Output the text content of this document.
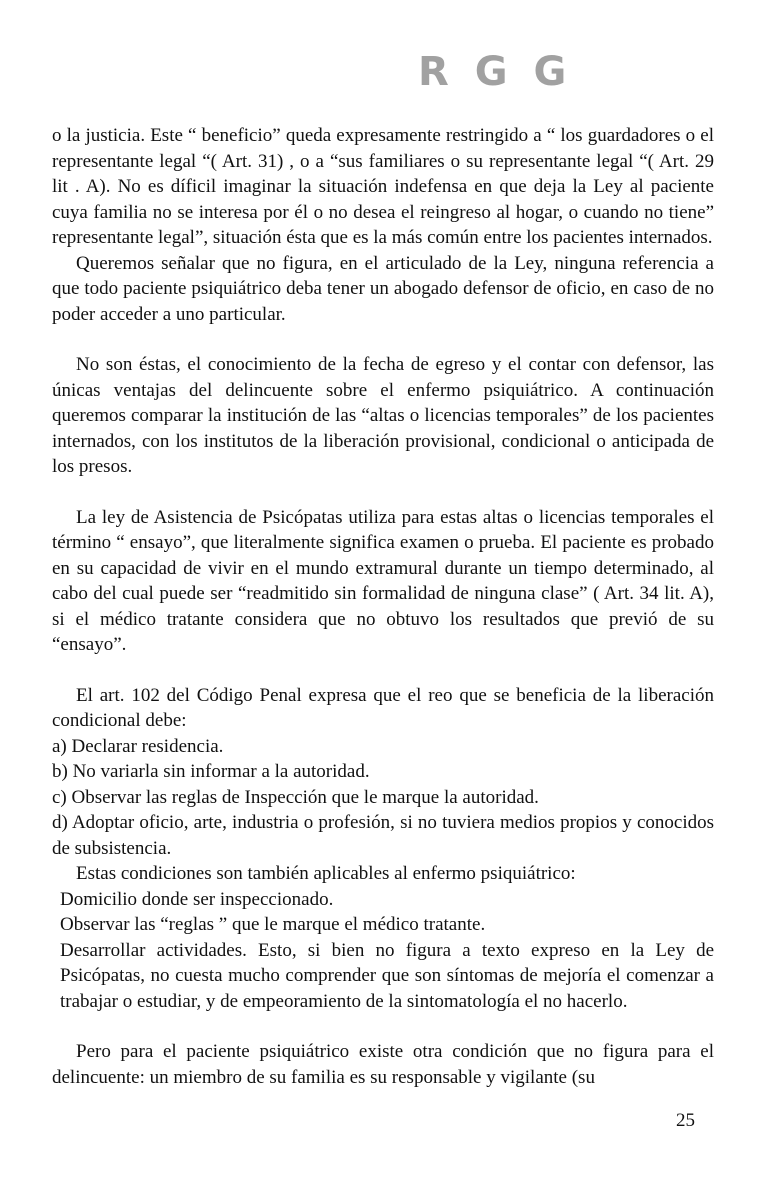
R G G

o la justicia. Este “ beneficio” queda expresamente restringido a “ los guardadores o el representante legal “( Art. 31) , o a “sus familiares o su representante legal “( Art. 29 lit . A). No es díficil imaginar la situación indefensa en que deja la Ley al paciente cuya familia no se interesa por él o no desea el reingreso al hogar, o cuando no tiene” representante legal”, situación ésta que es la más común entre los pacientes internados.

Queremos señalar que no figura, en el articulado de la Ley, ninguna referencia a que todo paciente psiquiátrico deba tener un abogado defensor de oficio, en caso de no poder acceder a uno particular.

No son éstas, el conocimiento de la fecha de egreso y el contar con defensor, las únicas ventajas del delincuente sobre el enfermo psiquiátrico. A continuación queremos comparar la institución de las “altas o licencias temporales” de los pacientes internados, con los institutos de la liberación provisional, condicional o anticipada de los presos.

La ley de Asistencia de Psicópatas utiliza para estas altas o licencias temporales el término “ ensayo”, que literalmente significa examen o prueba. El paciente es probado en su capacidad de vivir en el mundo extramural durante un tiempo determinado, al cabo del cual puede ser “readmitido sin formalidad de ninguna clase” ( Art. 34 lit. A), si el médico tratante considera que no obtuvo los resultados que previó de su “ensayo”.

El art. 102 del Código Penal expresa que el reo que se beneficia de la liberación condicional debe:

a) Declarar residencia.

b) No variarla sin informar a la autoridad.

c) Observar las reglas de Inspección que le marque la autoridad.

d) Adoptar oficio, arte, industria o profesión, si no tuviera medios propios y conocidos de subsistencia.

Estas condiciones son también aplicables al enfermo psiquiátrico:

Domicilio donde ser inspeccionado.

Observar las “reglas ” que le marque el médico tratante.

Desarrollar actividades. Esto, si bien no figura a texto expreso en la Ley de Psicópatas, no cuesta mucho comprender que son síntomas de mejoría el comenzar a trabajar o estudiar, y de empeoramiento de la sintomatología el no hacerlo.

Pero para el paciente psiquiátrico existe otra condición que no figura para el delincuente: un miembro de su familia es su responsable y vigilante (su

25
